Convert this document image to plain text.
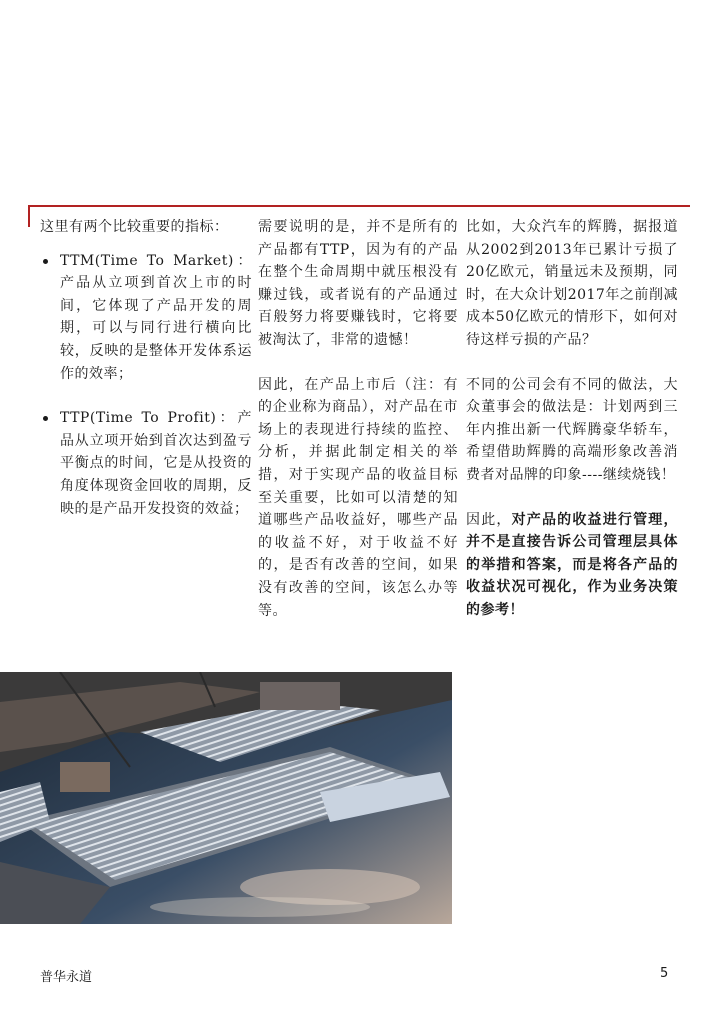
这里有两个比较重要的指标：

TTM(Time To Market)：产品从立项到首次上市的时间，它体现了产品开发的周期，可以与同行进行横向比较，反映的是整体开发体系运作的效率；
TTP(Time To Profit)：产品从立项开始到首次达到盈亏平衡点的时间，它是从投资的角度体现资金回收的周期，反映的是产品开发投资的效益；

需要说明的是，并不是所有的产品都有TTP，因为有的产品在整个生命周期中就压根没有赚过钱，或者说有的产品通过百般努力将要赚钱时，它将要被淘汰了，非常的遗憾！

因此，在产品上市后（注：有的企业称为商品），对产品在市场上的表现进行持续的监控、分析，并据此制定相关的举措，对于实现产品的收益目标至关重要，比如可以清楚的知道哪些产品收益好，哪些产品的收益不好，对于收益不好的，是否有改善的空间，如果没有改善的空间，该怎么办等等。

比如，大众汽车的辉腾，据报道从2002到2013年已累计亏损了20亿欧元，销量远未及预期，同时，在大众计划2017年之前削减成本50亿欧元的情形下，如何对待这样亏损的产品？

不同的公司会有不同的做法，大众董事会的做法是：计划两到三年内推出新一代辉腾豪华轿车，希望借助辉腾的高端形象改善消费者对品牌的印象----继续烧钱！

因此，对产品的收益进行管理，并不是直接告诉公司管理层具体的举措和答案，而是将各产品的收益状况可视化，作为业务决策的参考！

普华永道	5
